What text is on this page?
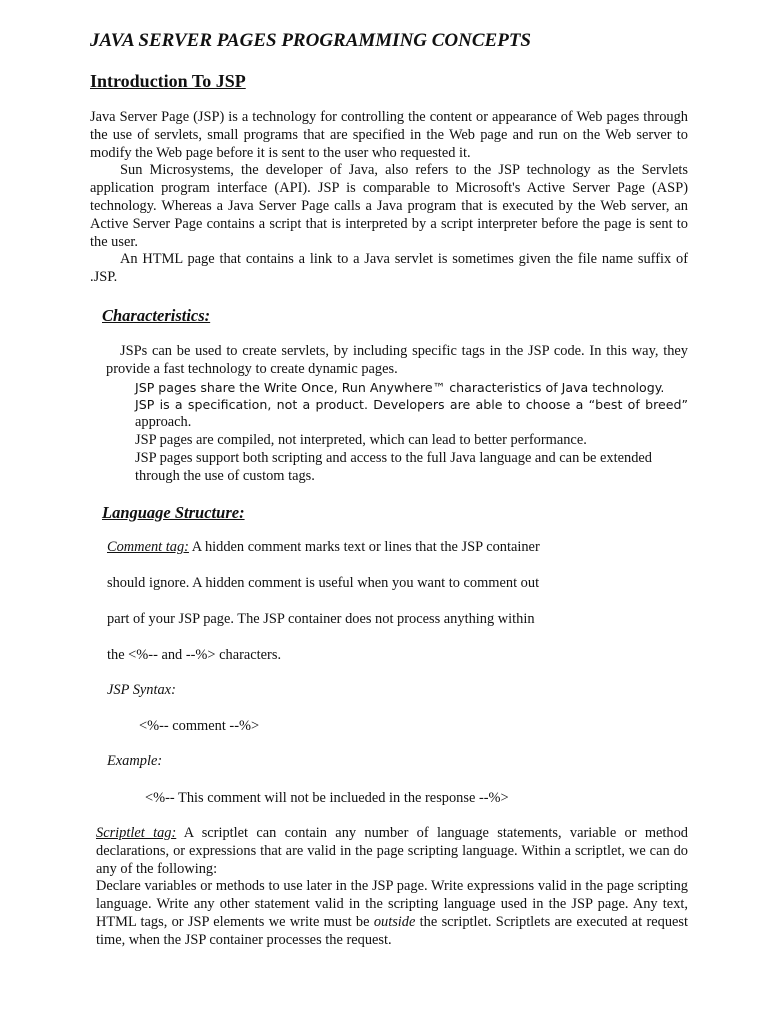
JAVA SERVER PAGES PROGRAMMING CONCEPTS
Introduction To JSP
Java Server Page (JSP) is a technology for controlling the content or appearance of Web pages through the use of servlets, small programs that are specified in the Web page and run on the Web server to modify the Web page before it is sent to the user who requested it.
Sun Microsystems, the developer of Java, also refers to the JSP technology as the Servlets application program interface (API). JSP is comparable to Microsoft's Active Server Page (ASP) technology. Whereas a Java Server Page calls a Java program that is executed by the Web server, an Active Server Page contains a script that is interpreted by a script interpreter before the page is sent to the user.
An HTML page that contains a link to a Java servlet is sometimes given the file name suffix of .JSP.
Characteristics:
JSPs can be used to create servlets, by including specific tags in the JSP code. In this way, they provide a fast technology to create dynamic pages.
JSP pages share the Write Once, Run Anywhere™ characteristics of Java technology.
JSP is a specification, not a product. Developers are able to choose a “best of breed”
approach.
JSP pages are compiled, not interpreted, which can lead to better performance.
JSP pages support both scripting and access to the full Java language and can be extended
through the use of custom tags.
Language Structure:
Comment tag: A hidden comment marks text or lines that the JSP container
should ignore. A hidden comment is useful when you want to comment out
part of your JSP page. The JSP container does not process anything within
the <%-- and --%> characters.
JSP Syntax:
<%-- comment --%>
Example:
<%-- This comment will not be inclueded in the response --%>
Scriptlet tag: A scriptlet can contain any number of language statements, variable or method declarations, or expressions that are valid in the page scripting language. Within a scriptlet, we can do any of the following:
Declare variables or methods to use later in the JSP page. Write expressions valid in the page scripting language. Write any other statement valid in the scripting language used in the JSP page. Any text, HTML tags, or JSP elements we write must be outside the scriptlet. Scriptlets are executed at request time, when the JSP container processes the request.
